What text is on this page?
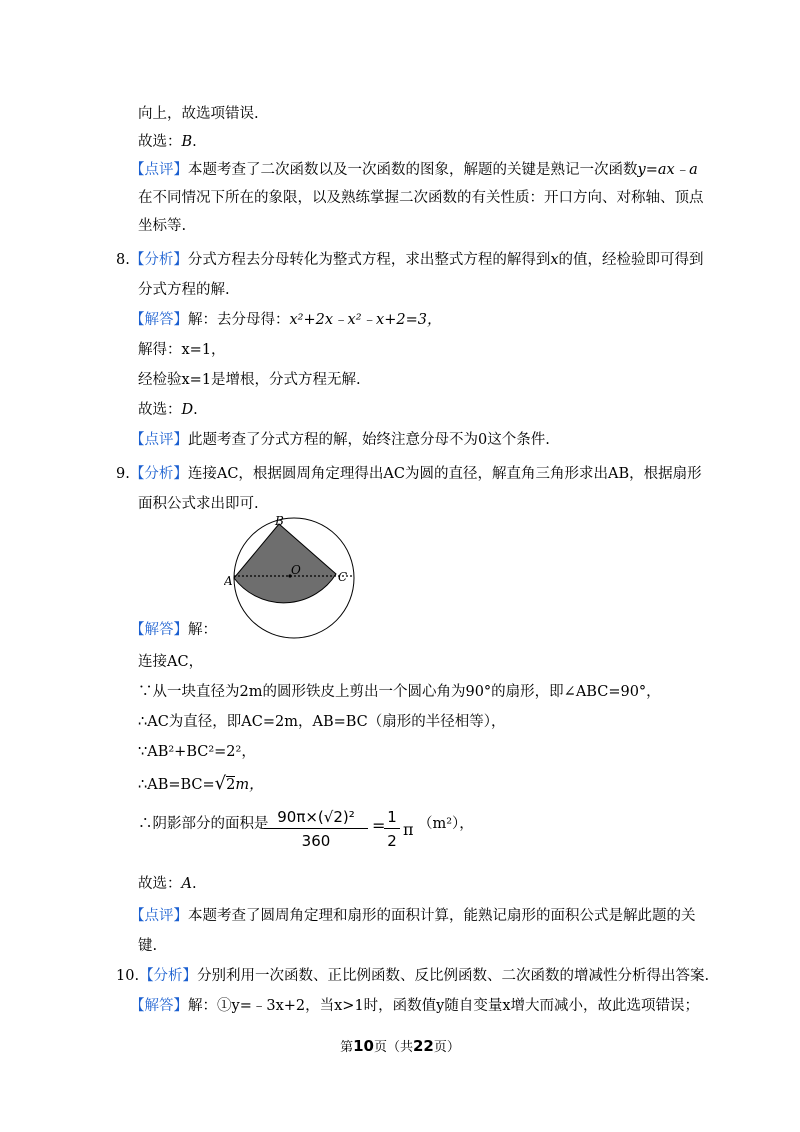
向上，故选项错误.
故选：B.
【点评】本题考查了二次函数以及一次函数的图象，解题的关键是熟记一次函数y=ax﹣a
在不同情况下所在的象限，以及熟练掌握二次函数的有关性质：开口方向、对称轴、顶点
坐标等.
8.【分析】分式方程去分母转化为整式方程，求出整式方程的解得到x的值，经检验即可得到
分式方程的解.
【解答】解：去分母得：x²+2x﹣x²﹣x+2=3，
解得：x=1，
经检验x=1是增根，分式方程无解.
故选：D.
【点评】此题考查了分式方程的解，始终注意分母不为0这个条件.
9.【分析】连接AC，根据圆周角定理得出AC为圆的直径，解直角三角形求出AB，根据扇形
面积公式求出即可.
B
A
O	C
【解答】解：
连接AC，
∵从一块直径为2m的圆形铁皮上剪出一个圆心角为90°的扇形，即∠ABC=90°，
∴AC为直径，即AC=2m，AB=BC（扇形的半径相等），
∵AB²+BC²=2²，
∴AB=BC=√2m，
∴阴影部分的面积是
$\frac{\text{90π×(√2)²}}{360}$ =
$\frac{1}{2}$ π （m²），
故选：A.
【点评】本题考查了圆周角定理和扇形的面积计算，能熟记扇形的面积公式是解此题的关
键.
10.【分析】分别利用一次函数、正比例函数、反比例函数、二次函数的增减性分析得出答案.
【解答】解：①y=﹣3x+2，当x>1时，函数值y随自变量x增大而减小，故此选项错误；
第10页（共22页）
